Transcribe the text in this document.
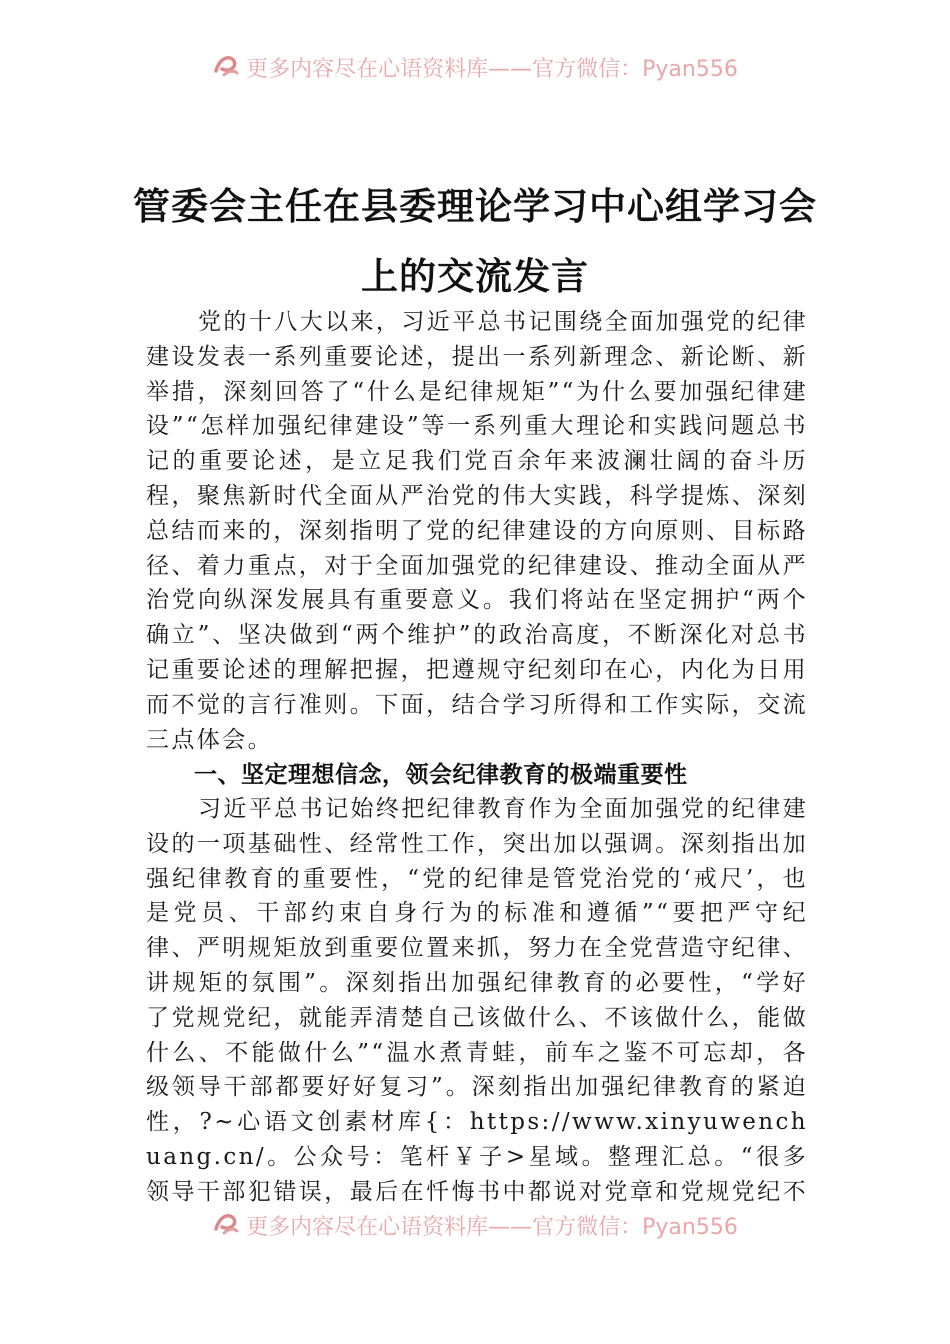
更多内容尽在心语资料库——官方微信：Pyan556
管委会主任在县委理论学习中心组学习会
上的交流发言
党的十八大以来，习近平总书记围绕全面加强党的纪律建设发表一系列重要论述，提出一系列新理念、新论断、新举措，深刻回答了“什么是纪律规矩”“为什么要加强纪律建设”“怎样加强纪律建设”等一系列重大理论和实践问题总书记的重要论述，是立足我们党百余年来波澜壮阔的奋斗历程，聚焦新时代全面从严治党的伟大实践，科学提炼、深刻总结而来的，深刻指明了党的纪律建设的方向原则、目标路径、着力重点，对于全面加强党的纪律建设、推动全面从严治党向纵深发展具有重要意义。我们将站在坚定拥护“两个确立”、坚决做到“两个维护”的政治高度，不断深化对总书记重要论述的理解把握，把遵规守纪刻印在心，内化为日用而不觉的言行准则。下面，结合学习所得和工作实际，交流三点体会。
一、坚定理想信念，领会纪律教育的极端重要性
习近平总书记始终把纪律教育作为全面加强党的纪律建设的一项基础性、经常性工作，突出加以强调。深刻指出加强纪律教育的重要性，“党的纪律是管党治党的‘戒尺’，也是党员、干部约束自身行为的标准和遵循”“要把严守纪律、严明规矩放到重要位置来抓，努力在全党营造守纪律、讲规矩的氛围”。深刻指出加强纪律教育的必要性，“学好了党规党纪，就能弄清楚自己该做什么、不该做什么，能做什么、不能做什么”“温水煮青蛙，前车之鉴不可忘却，各级领导干部都要好好复习”。深刻指出加强纪律教育的紧迫性，?~心语文创素材库{：https://www.xinyuwenchuang.cn/。公众号：笔杆￥子>星域。整理汇总。“很多领导干部犯错误，最后在忏悔书中都说对党章和党规党纪不
更多内容尽在心语资料库——官方微信：Pyan556
